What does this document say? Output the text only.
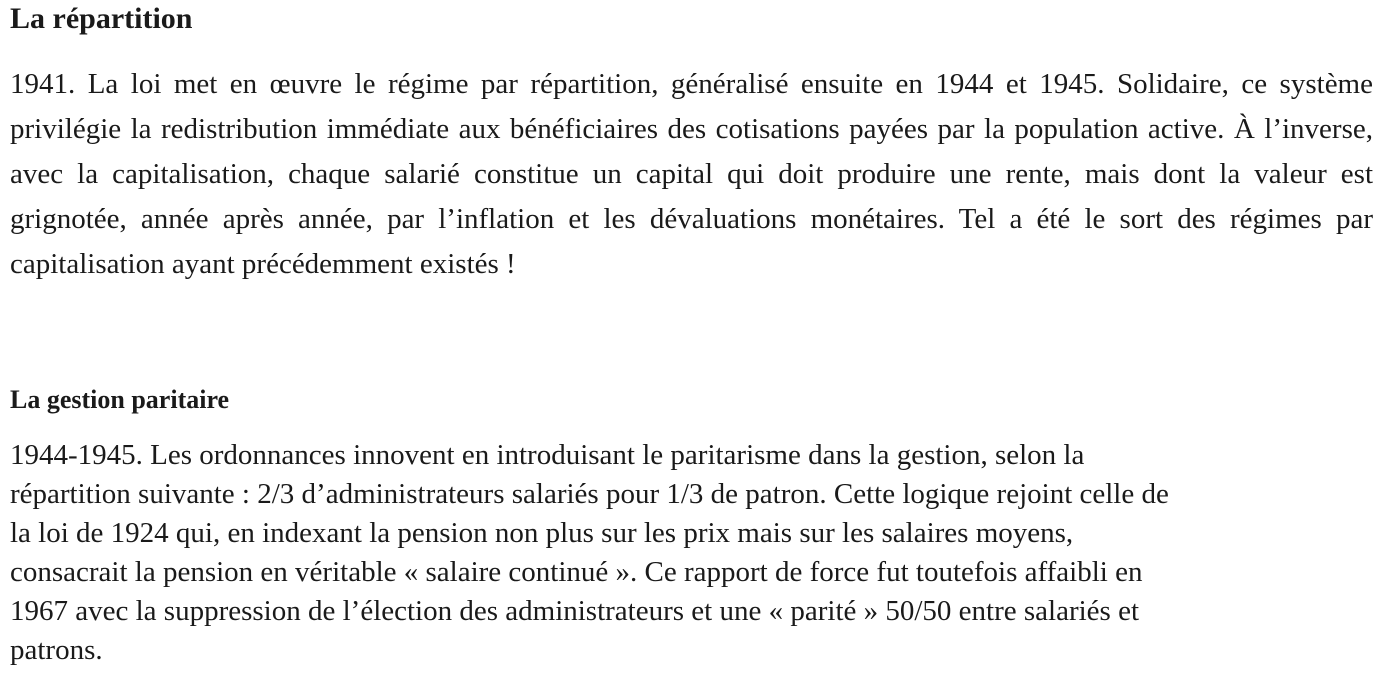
La répartition

1941. La loi met en œuvre le régime par répartition, généralisé ensuite en 1944 et 1945. Solidaire, ce système privilégie la redistribution immédiate aux bénéficiaires des cotisations payées par la population active. À l’inverse, avec la capitalisation, chaque salarié constitue un capital qui doit produire une rente, mais dont la valeur est grignotée, année après année, par l’inflation et les dévaluations monétaires. Tel a été le sort des régimes par capitalisation ayant précédemment existés !

La gestion paritaire

1944-1945. Les ordonnances innovent en introduisant le paritarisme dans la gestion, selon la
répartition suivante : 2/3 d’administrateurs salariés pour 1/3 de patron. Cette logique rejoint celle de
la loi de 1924 qui, en indexant la pension non plus sur les prix mais sur les salaires moyens,
consacrait la pension en véritable « salaire continué ». Ce rapport de force fut toutefois affaibli en
1967 avec la suppression de l’élection des administrateurs et une « parité » 50/50 entre salariés et
patrons.
